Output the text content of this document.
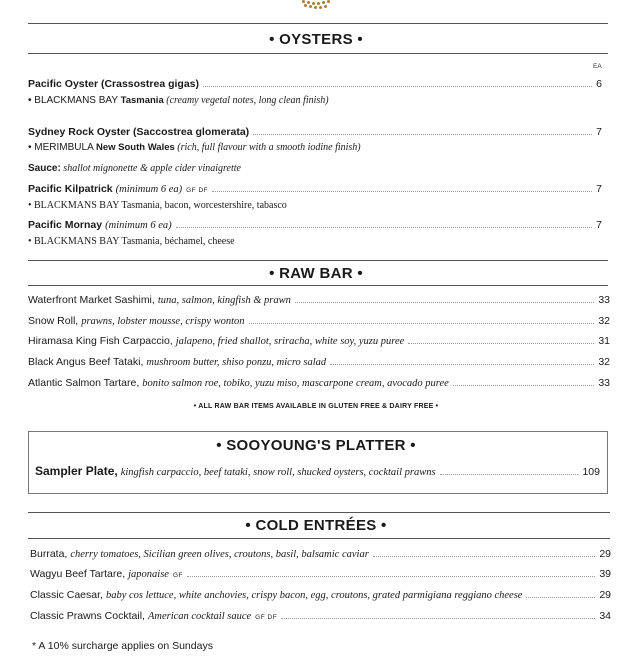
• OYSTERS •
EA
Pacific Oyster (Crassostrea gigas)	6
• BLACKMANS BAY Tasmania (creamy vegetal notes, long clean finish)
Sydney Rock Oyster (Saccostrea glomerata)	7
• MERIMBULA New South Wales (rich, full flavour with a smooth iodine finish)
Sauce: shallot mignonette & apple cider vinaigrette
Pacific Kilpatrick (minimum 6 ea) GF DF	7
• BLACKMANS BAY Tasmania, bacon, worcestershire, tabasco
Pacific Mornay (minimum 6 ea)	7
• BLACKMANS BAY Tasmania, béchamel, cheese
• RAW BAR •
Waterfront Market Sashimi, tuna, salmon, kingfish & prawn	33
Snow Roll, prawns, lobster mousse, crispy wonton	32
Hiramasa King Fish Carpaccio, jalapeno, fried shallot, sriracha, white soy, yuzu puree	31
Black Angus Beef Tataki, mushroom butter, shiso ponzu, micro salad	32
Atlantic Salmon Tartare, bonito salmon roe, tobiko, yuzu miso, mascarpone cream, avocado puree	33
• ALL RAW BAR ITEMS AVAILABLE IN GLUTEN FREE & DAIRY FREE •
• SOOYOUNG'S PLATTER •
Sampler Plate, kingfish carpaccio, beef tataki, snow roll, shucked oysters, cocktail prawns	109
• COLD ENTRÉES •
Burrata, cherry tomatoes, Sicilian green olives, croutons, basil, balsamic caviar	29
Wagyu Beef Tartare, japonaise GF	39
Classic Caesar, baby cos lettuce, white anchovies, crispy bacon, egg, croutons, grated parmigiana reggiano cheese	29
Classic Prawns Cocktail, American cocktail sauce GF DF	34
* A 10% surcharge applies on Sundays
